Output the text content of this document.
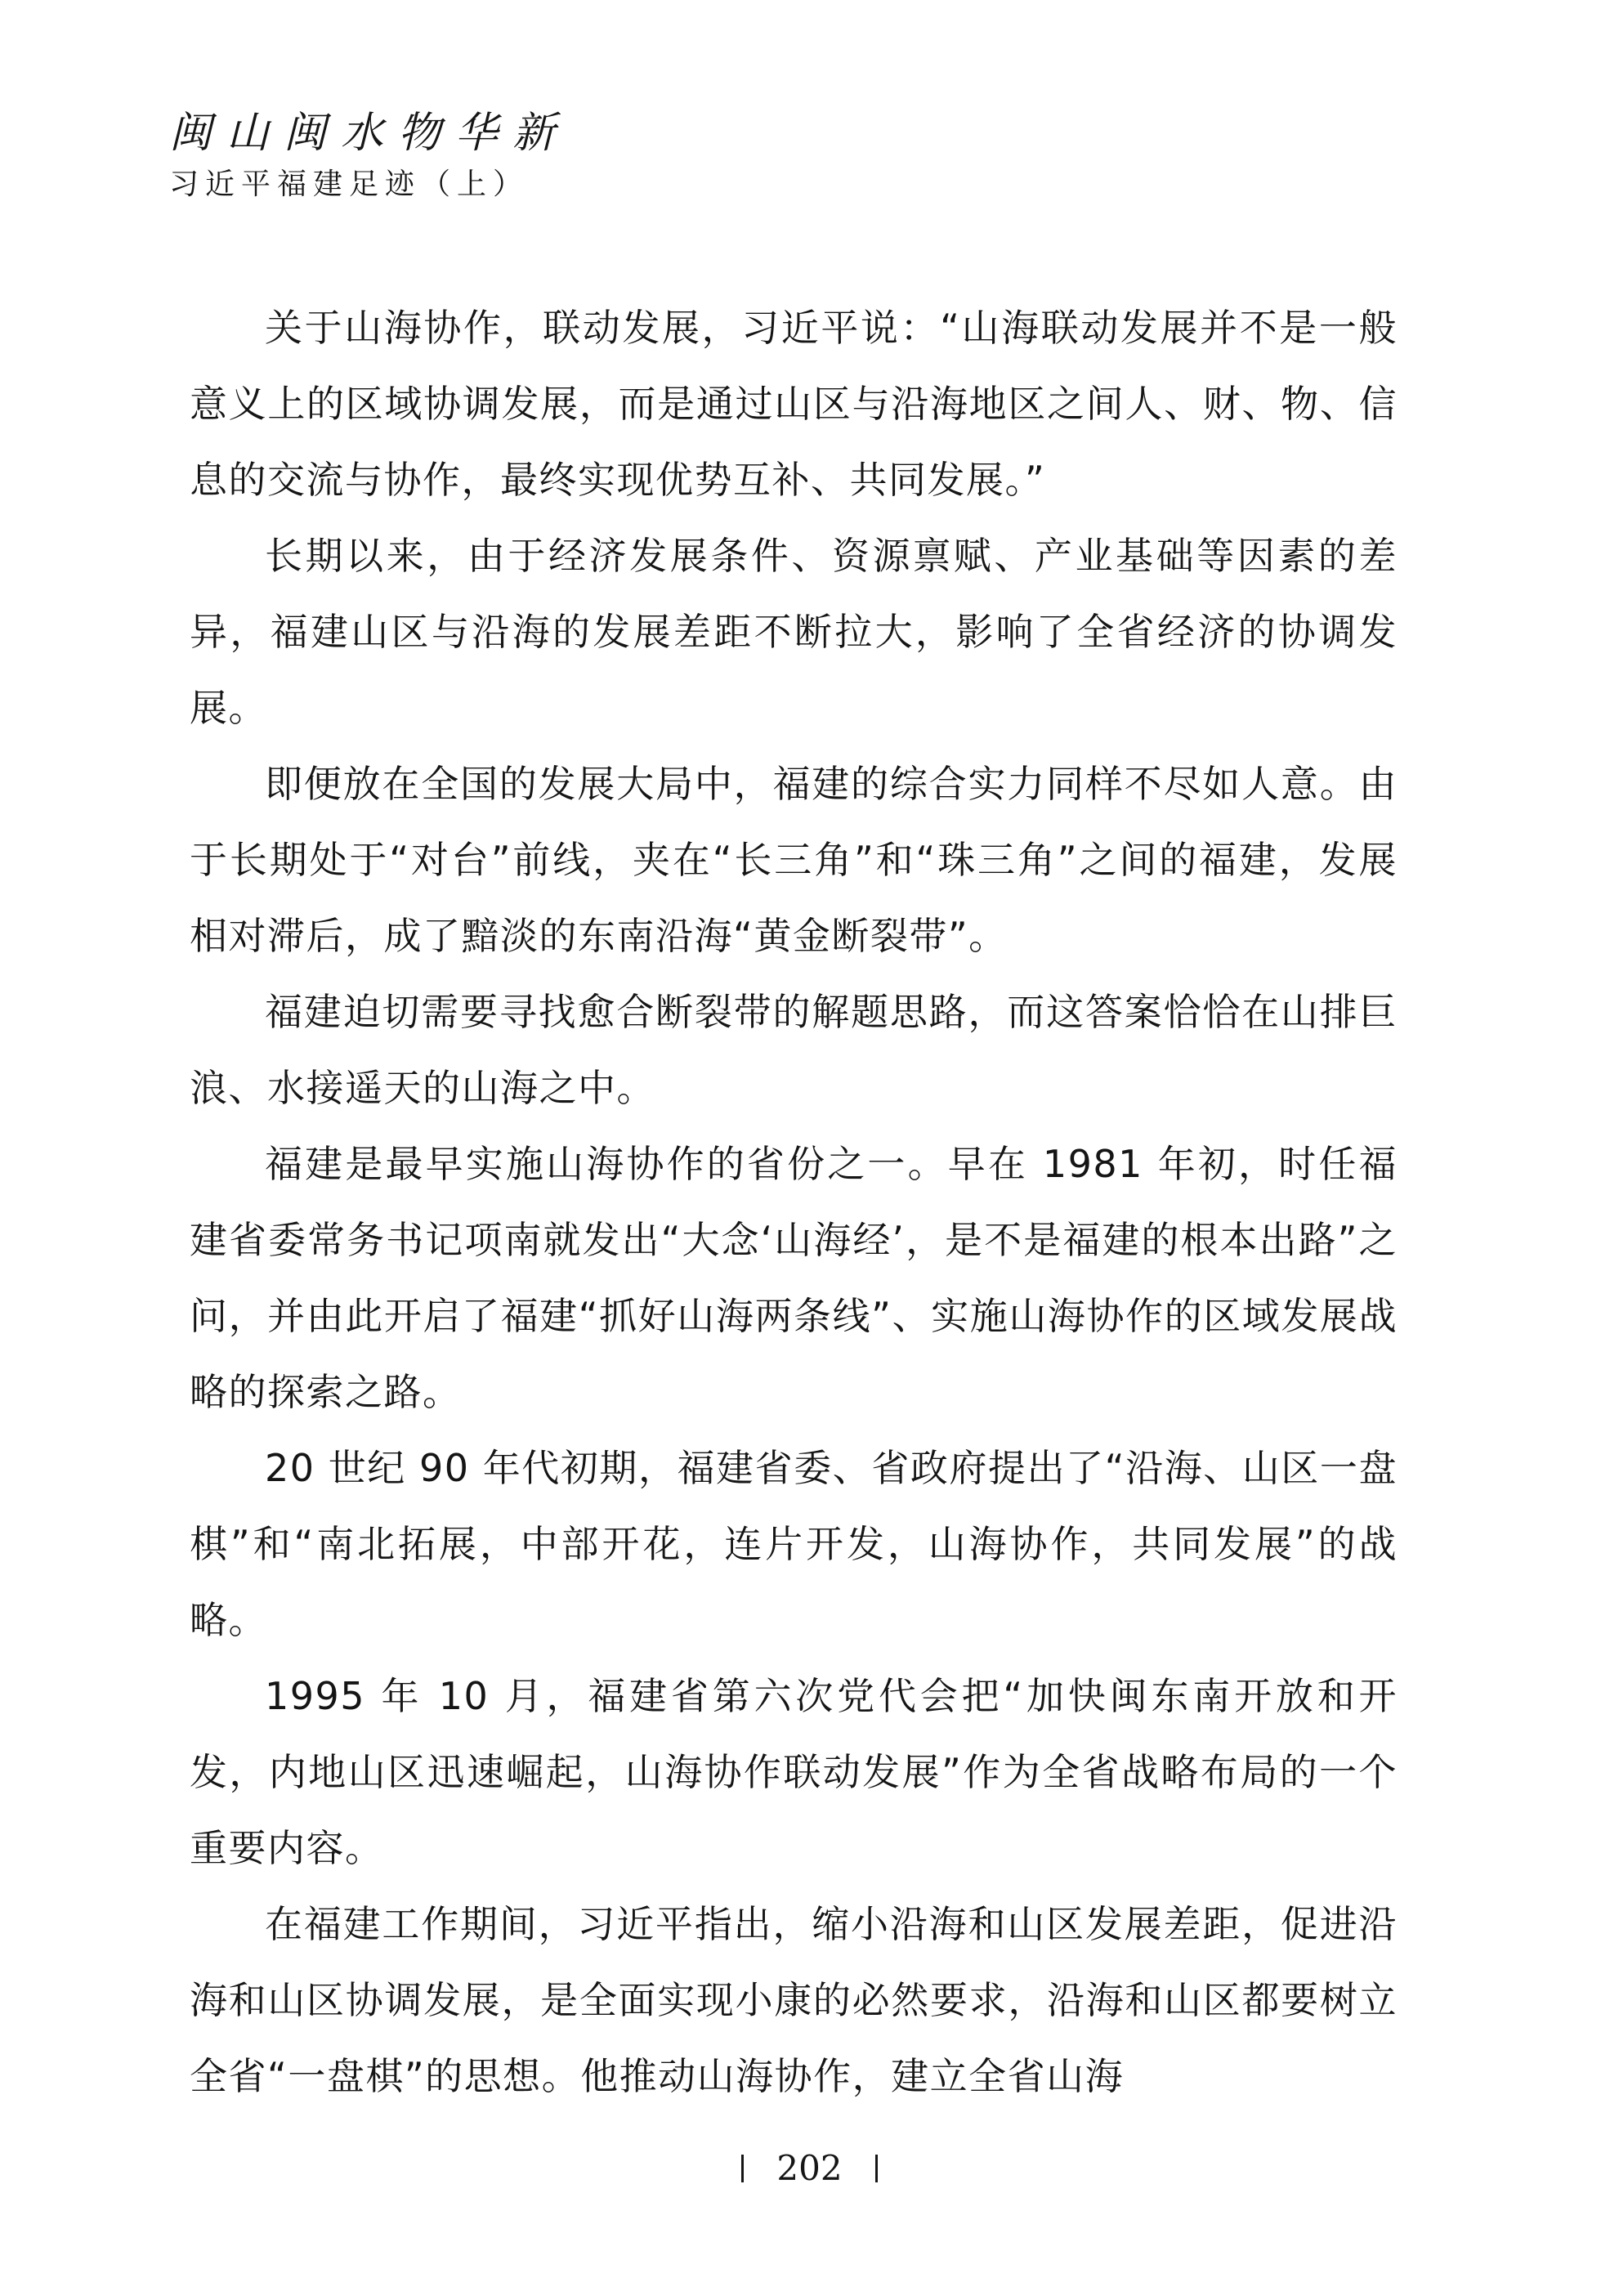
闽山闽水物华新
习近平福建足迹（上）

关于山海协作，联动发展，习近平说：“山海联动发展并不是一般意义上的区域协调发展，而是通过山区与沿海地区之间人、财、物、信息的交流与协作，最终实现优势互补、共同发展。”

长期以来，由于经济发展条件、资源禀赋、产业基础等因素的差异，福建山区与沿海的发展差距不断拉大，影响了全省经济的协调发展。

即便放在全国的发展大局中，福建的综合实力同样不尽如人意。由于长期处于“对台”前线，夹在“长三角”和“珠三角”之间的福建，发展相对滞后，成了黯淡的东南沿海“黄金断裂带”。

福建迫切需要寻找愈合断裂带的解题思路，而这答案恰恰在山排巨浪、水接遥天的山海之中。

福建是最早实施山海协作的省份之一。早在 1981 年初，时任福建省委常务书记项南就发出“大念‘山海经’，是不是福建的根本出路”之问，并由此开启了福建“抓好山海两条线”、实施山海协作的区域发展战略的探索之路。

20 世纪 90 年代初期，福建省委、省政府提出了“沿海、山区一盘棋”和“南北拓展，中部开花，连片开发，山海协作，共同发展”的战略。

1995 年 10 月，福建省第六次党代会把“加快闽东南开放和开发，内地山区迅速崛起，山海协作联动发展”作为全省战略布局的一个重要内容。

在福建工作期间，习近平指出，缩小沿海和山区发展差距，促进沿海和山区协调发展，是全面实现小康的必然要求，沿海和山区都要树立全省“一盘棋”的思想。他推动山海协作，建立全省山海

202
